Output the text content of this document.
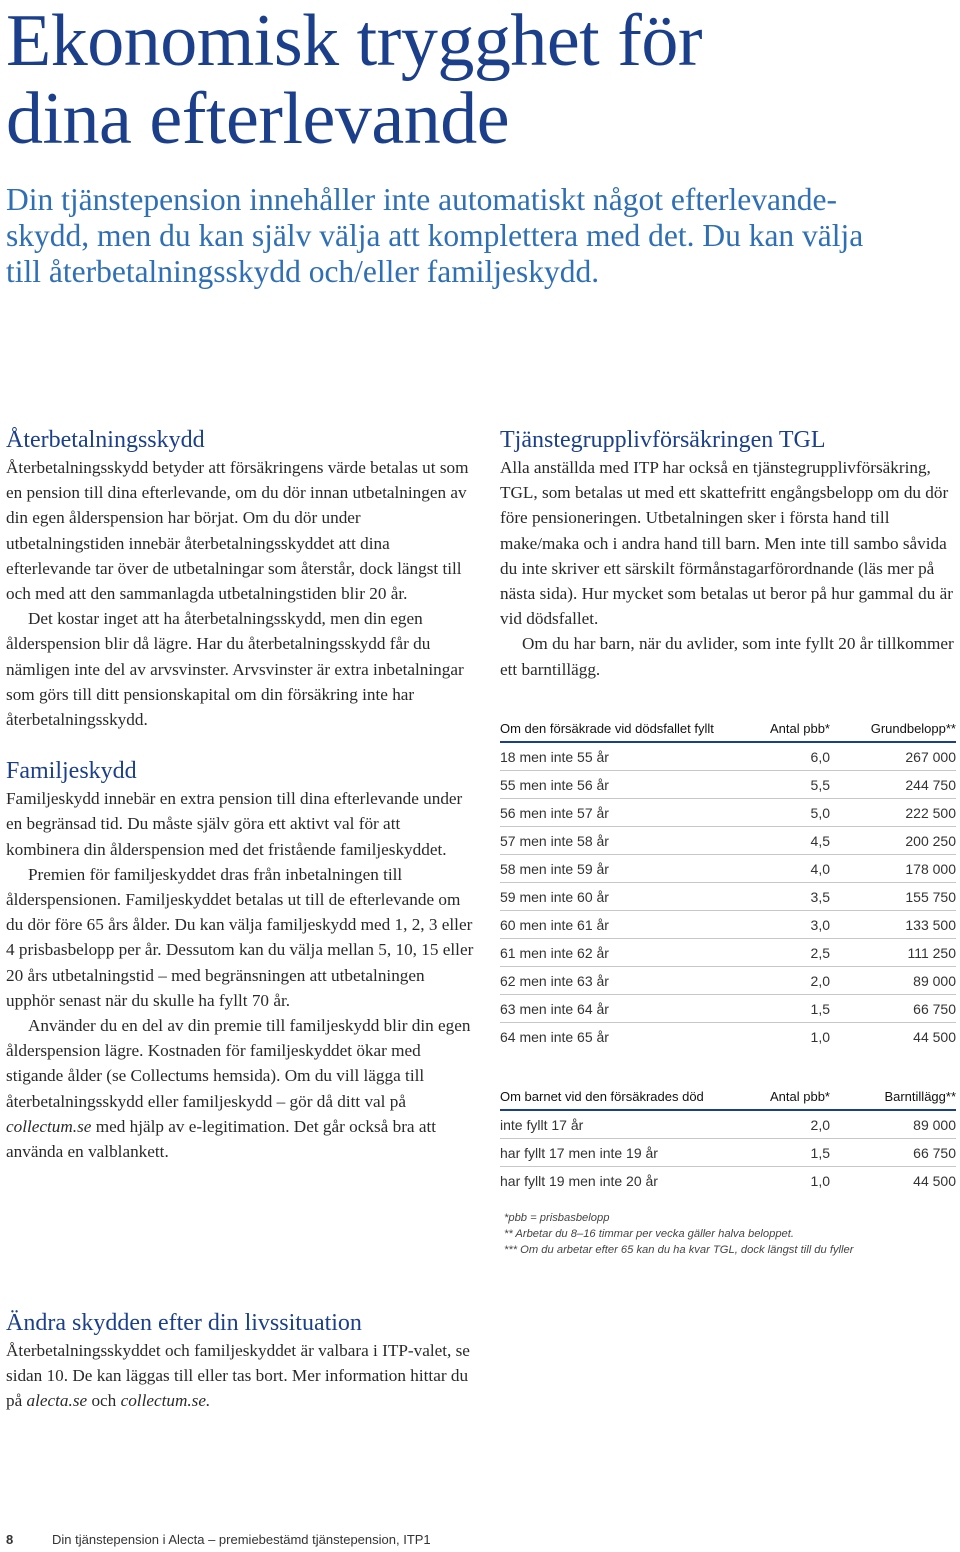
Ekonomisk trygghet för
dina efterlevande
Din tjänstepension innehåller inte automatiskt något efterlevande-
skydd, men du kan själv välja att komplettera med det. Du kan välja
till återbetalningsskydd och/eller familjeskydd.
Återbetalningsskydd

Återbetalningsskydd betyder att försäkringens värde betalas ut som en pension till dina efterlevande, om du dör innan utbetalningen av din egen ålderspension har börjat. Om du dör under utbetalningstiden innebär återbetalningsskyddet att dina efterlevande tar över de utbetalningar som återstår, dock längst till och med att den sammanlagda utbetalningstiden blir 20 år.

Det kostar inget att ha återbetalningsskydd, men din egen ålderspension blir då lägre. Har du återbetalningsskydd får du nämligen inte del av arvsvinster. Arvsvinster är extra inbetalningar som görs till ditt pensionskapital om din försäkring inte har återbetalningsskydd.

Familjeskydd

Familjeskydd innebär en extra pension till dina efterlevande under en begränsad tid. Du måste själv göra ett aktivt val för att kombinera din ålderspension med det fristående familjeskyddet.

Premien för familjeskyddet dras från inbetalningen till ålderspensionen. Familjeskyddet betalas ut till de efterlevande om du dör före 65 års ålder. Du kan välja familjeskydd med 1, 2, 3 eller 4 prisbasbelopp per år. Dessutom kan du välja mellan 5, 10, 15 eller 20 års utbetalningstid – med begränsningen att utbetalningen upphör senast när du skulle ha fyllt 70 år.

Använder du en del av din premie till familjeskydd blir din egen ålderspension lägre. Kostnaden för familjeskyddet ökar med stigande ålder (se Collectums hemsida). Om du vill lägga till återbetalningsskydd eller familjeskydd – gör då ditt val på collectum.se med hjälp av e-legitimation. Det går också bra att använda en valblankett.

Ändra skydden efter din livssituation

Återbetalningsskyddet och familjeskyddet är valbara i ITP-valet, se sidan 10. De kan läggas till eller tas bort. Mer information hittar du på alecta.se och collectum.se.

Tjänstegrupplivförsäkringen TGL

Alla anställda med ITP har också en tjänstegrupplivförsäkring, TGL, som betalas ut med ett skattefritt engångsbelopp om du dör före pensioneringen. Utbetalningen sker i första hand till make/maka och i andra hand till barn. Men inte till sambo såvida du inte skriver ett särskilt förmånstagarförordnande (läs mer på nästa sida). Hur mycket som betalas ut beror på hur gammal du är vid dödsfallet.

Om du har barn, när du avlider, som inte fyllt 20 år tillkommer ett barntillägg.

Om den försäkrade vid dödsfallet fyllt	Antal pbb*	Grundbelopp**
18 men inte 55 år	6,0	267 000
55 men inte 56 år	5,5	244 750
56 men inte 57 år	5,0	222 500
57 men inte 58 år	4,5	200 250
58 men inte 59 år	4,0	178 000
59 men inte 60 år	3,5	155 750
60 men inte 61 år	3,0	133 500
61 men inte 62 år	2,5	111 250
62 men inte 63 år	2,0	89 000
63 men inte 64 år	1,5	66 750
64 men inte 65 år	1,0	44 500
Om barnet vid den försäkrades död	Antal pbb*	Barntillägg**
inte fyllt 17 år	2,0	89 000
har fyllt 17 men inte 19 år	1,5	66 750
har fyllt 19 men inte 20 år	1,0	44 500
*pbb = prisbasbelopp
** Arbetar du 8–16 timmar per vecka gäller halva beloppet.
*** Om du arbetar efter 65 kan du ha kvar TGL, dock längst till du fyller
8	Din tjänstepension i Alecta – premiebestämd tjänstepension, ITP1
